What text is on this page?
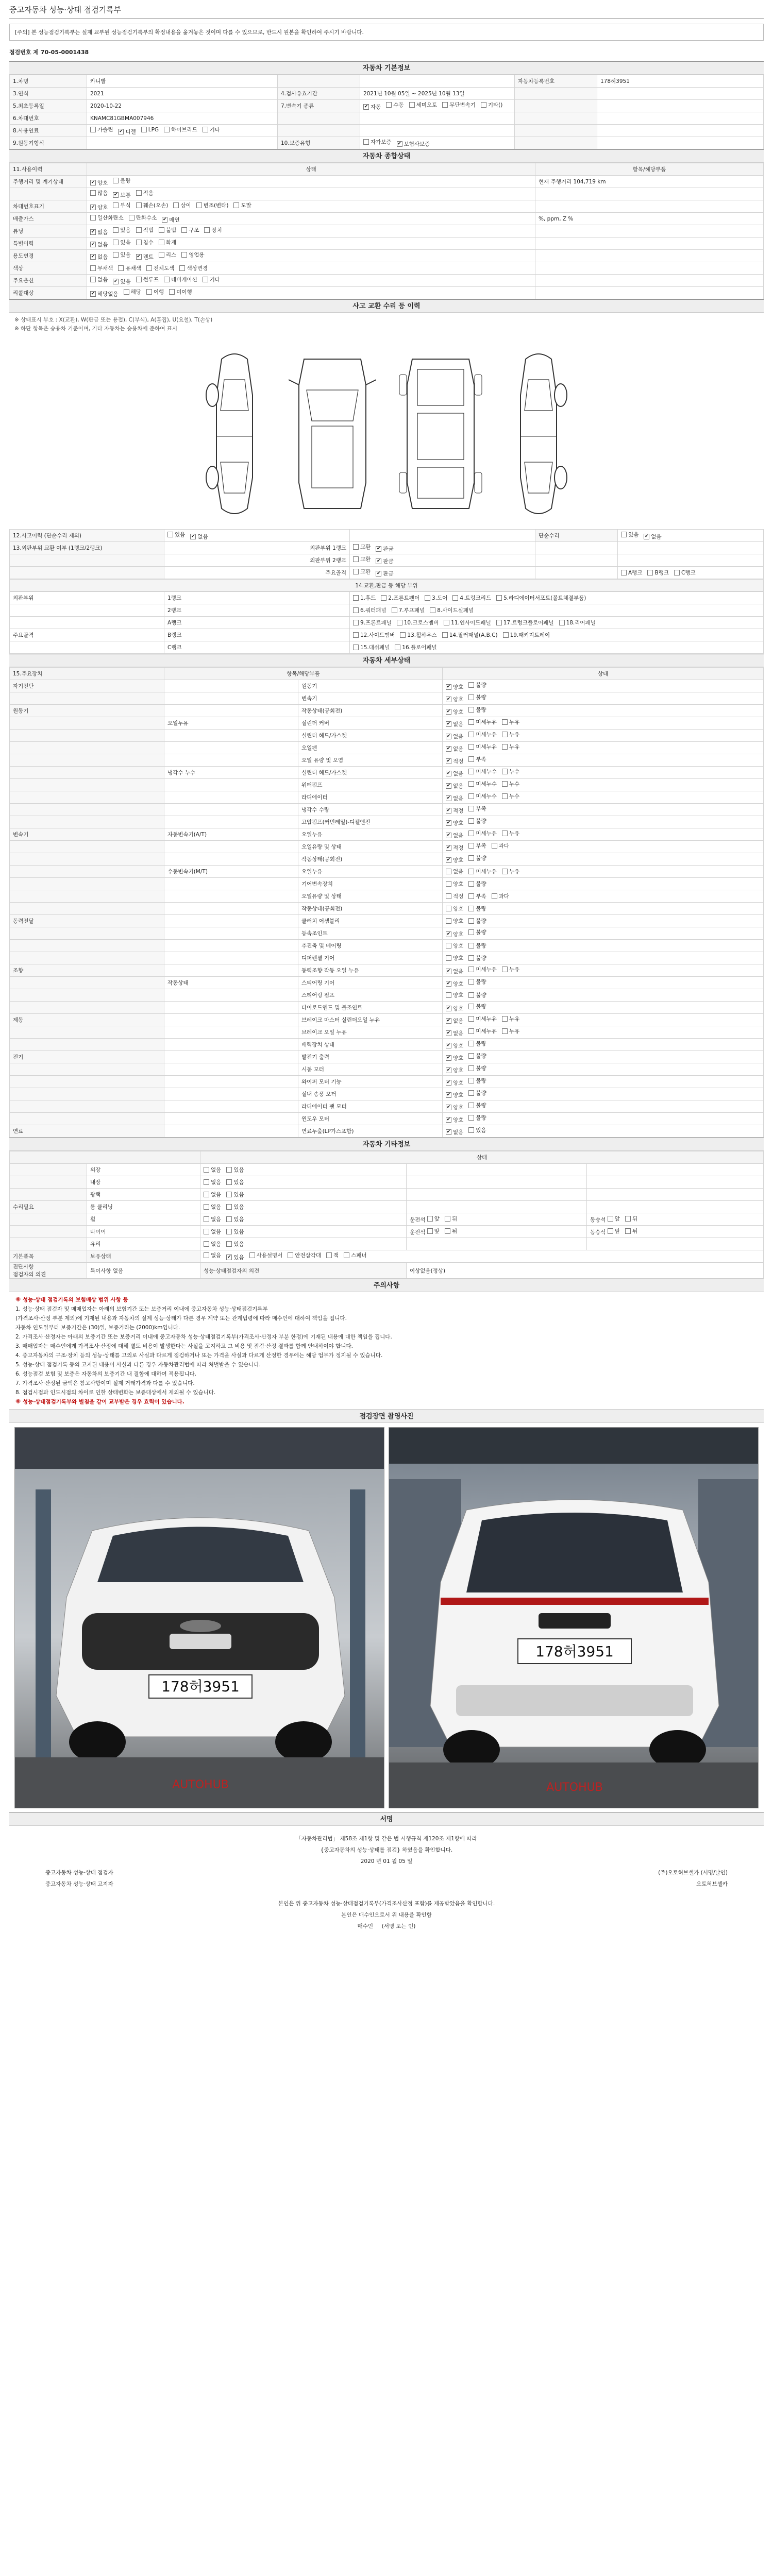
중고자동차 성능·상태 점검기록부
[주의] 본 성능점검기록부는 실제 교부된 성능점검기록부의 확정내용을 옮겨놓은 것이며 다를 수 있으므로, 반드시 원본을 확인하여 주시기 바랍니다.
점검번호 제 70-05-0001438
자동차 기본정보
1.차명	카니발			자동차등록번호	178허3951
3.연식	2021	4.검사유효기간	2021년 10월 05일 ~ 2025년 10월 13일		
5.최초등록일	2020-10-22	7.변속기 종류	✔ 자동 수동 세미오토 무단변속기 기타()		
6.차대번호	KNAMC81GBMA007946				
8.사용연료	가솔린 ✔ 디젤 LPG 하이브리드 기타				
9.원동기형식		10.보증유형	자가보증 ✔ 보험사보증		
자동차 종합상태
11.사용이력	상태	항목/해당부품
주행거리 및 계기상태	✔ 양호 불량	현재 주행거리 104,719 km
	많음 ✔ 보통 적음	
차대번호표기	✔ 양호 부식 훼손(오손) 상이 변조(변타) 도말	
배출가스	일산화탄소 탄화수소 ✔ 매연	%, ppm, Z %
튜닝	✔ 없음 있음 적법 불법 구조 장치	
특별이력	✔ 없음 있음 침수 화재	
용도변경	✔ 없음 있음 ✔ 렌트 리스 영업용	
색상	무채색 유채색 전체도색 색상변경	
주요옵션	없음 ✔ 있음 썬루프 네비게이션 기타	
리콜대상	✔ 해당없음 해당 이행 미이행	
사고 교환 수리 등 이력
※ 상태표시 부호 : X(교환), W(판금 또는 용접), C(부식), A(흠집), U(요철), T(손상)
※ 하단 항목은 승용차 기준이며, 기타 자동차는 승용차에 준하여 표시
12.사고이력 (단순수리 제외)	있음 ✔ 없음		단순수리	있음 ✔ 없음
13.외판부위 교환 여부 (1랭크/2랭크)	외판부위 1랭크	교환 ✔ 판금		
	외판부위 2랭크	교환 ✔ 판금		
	주요골격	교환 ✔ 판금		A랭크 B랭크 C랭크
14.교환,판금 등 해당 부위
외판부위	1랭크	1.후드 2.프론트펜더 3.도어 4.트렁크리드 5.라디에이터서포트(볼트체결부품)
	2랭크	6.쿼터패널 7.루프패널 8.사이드실패널
	A랭크	9.프론트패널 10.크로스멤버 11.인사이드패널 17.트렁크플로어패널 18.리어패널
주요골격	B랭크	12.사이드멤버 13.휠하우스 14.필러패널(A,B,C) 19.패키지트레이
	C랭크	15.대쉬패널 16.플로어패널
자동차 세부상태
15.주요장치	항목/해당부품		상태
자기진단		원동기	✔ 양호 불량
		변속기	✔ 양호 불량
원동기		작동상태(공회전)	✔ 양호 불량
	오일누유	실린더 커버	✔ 없음 미세누유 누유
		실린더 헤드/가스켓	✔ 없음 미세누유 누유
		오일팬	✔ 없음 미세누유 누유
		오일 유량 및 오염	✔ 적정 부족
	냉각수 누수	실린더 헤드/가스켓	✔ 없음 미세누수 누수
		워터펌프	✔ 없음 미세누수 누수
		라디에이터	✔ 없음 미세누수 누수
		냉각수 수량	✔ 적정 부족
		고압펌프(커먼레일)-디젤엔진	✔ 양호 불량
변속기	자동변속기(A/T)	오일누유	✔ 없음 미세누유 누유
		오일유량 및 상태	✔ 적정 부족 과다
		작동상태(공회전)	✔ 양호 불량
	수동변속기(M/T)	오일누유	없음 미세누유 누유
		기어변속장치	양호 불량
		오일유량 및 상태	적정 부족 과다
		작동상태(공회전)	양호 불량
동력전달		클러치 어셈블리	양호 불량
		등속조인트	✔ 양호 불량
		추진축 및 베어링	양호 불량
		디퍼렌셜 기어	양호 불량
조향		동력조향 작동 오일 누유	✔ 없음 미세누유 누유
	작동상태	스티어링 기어	✔ 양호 불량
		스티어링 펌프	양호 불량
		타이로드엔드 및 볼조인트	✔ 양호 불량
제동		브레이크 마스터 실린더오일 누유	✔ 없음 미세누유 누유
		브레이크 오일 누유	✔ 없음 미세누유 누유
		배력장치 상태	✔ 양호 불량
전기		발전기 출력	✔ 양호 불량
		시동 모터	✔ 양호 불량
		와이퍼 모터 기능	✔ 양호 불량
		실내 송풍 모터	✔ 양호 불량
		라디에이터 팬 모터	✔ 양호 불량
		윈도우 모터	✔ 양호 불량
연료		연료누출(LP가스포함)	✔ 없음 있음
자동차 기타정보
		상태		
	외장	없음 있음		
	내장	없음 있음		
	광택	없음 있음		
수리필요	룸 클리닝	없음 있음		
	휠	없음 있음	운전석 앞 뒤	동승석 앞 뒤
	타이어	없음 있음	운전석 앞 뒤	동승석 앞 뒤
	유리	없음 있음		
기본품목	보유상태	없음 ✔ 있음 사용설명서 안전삼각대 잭 스패너
진단사항
점검자의 의견	특이사항 없음	성능·상태점검자의 의견	이상없음(정상)	
주의사항
※ 성능·상태 점검기록의 보험배상 범위 사항 등
1. 성능·상태 점검자 및 매매업자는 아래의 보험기간 또는 보증거리 이내에 중고자동차 성능·상태점검기록부
(가격조사·산정 부분 제외)에 기재된 내용과 자동차의 실제 성능·상태가 다른 경우 계약 또는 관계법령에 따라 매수인에 대하여 책임을 집니다.
자동차 인도일부터 보증기간은 (30)일, 보증거리는 (2000)km입니다.
2. 가격조사·산정자는 아래의 보증기간 또는 보증거리 이내에 중고자동차 성능·상태점검기록부(가격조사·산정자 부분 한정)에 기재된 내용에 대한 책임을 집니다.
3. 매매업자는 매수인에게 가격조사·산정에 대해 별도 비용이 발생한다는 사실을 고지하고 그 비용 및 점검·산정 결과를 함께 안내하여야 합니다.
4. 중고자동차의 구조·장치 등의 성능·상태를 고의로 사실과 다르게 점검하거나 또는 가격을 사실과 다르게 산정한 경우에는 해당 업무가 정지될 수 있습니다.
5. 성능·상태 점검기록 등의 고지된 내용이 사실과 다른 경우 자동차관리법에 따라 처벌받을 수 있습니다.
6. 성능점검 보험 및 보증은 자동차의 보증기간 내 결함에 대하여 적용됩니다.
7. 가격조사·산정된 금액은 참고사항이며 실제 거래가격과 다를 수 있습니다.
8. 점검시점과 인도시점의 차이로 인한 상태변화는 보증대상에서 제외될 수 있습니다.
※ 성능·상태점검기록부와 별첨을 같이 교부받은 경우 효력이 있습니다.
점검장면 촬영사진
178허3951
AUTOHUB
178허3951
AUTOHUB
서명
「자동차관리법」 제58조 제1항 및 같은 법 시행규칙 제120조 제1항에 따라
{중고자동차의 성능·상태를 점검} 하였음을 확인합니다.
2020 년 01 월 05 일
중고자동차 성능·상태 점검자	(주)오토허브셀카 (서명/날인)
중고자동차 성능·상태 고지자	오토허브셀카
본인은 위 중고자동차 성능·상태점검기록부(가격조사산정 포함)를 제공받았음을 확인합니다.
본인은 매수인으로서 위 내용을 확인함
매수인 (서명 또는 인)
